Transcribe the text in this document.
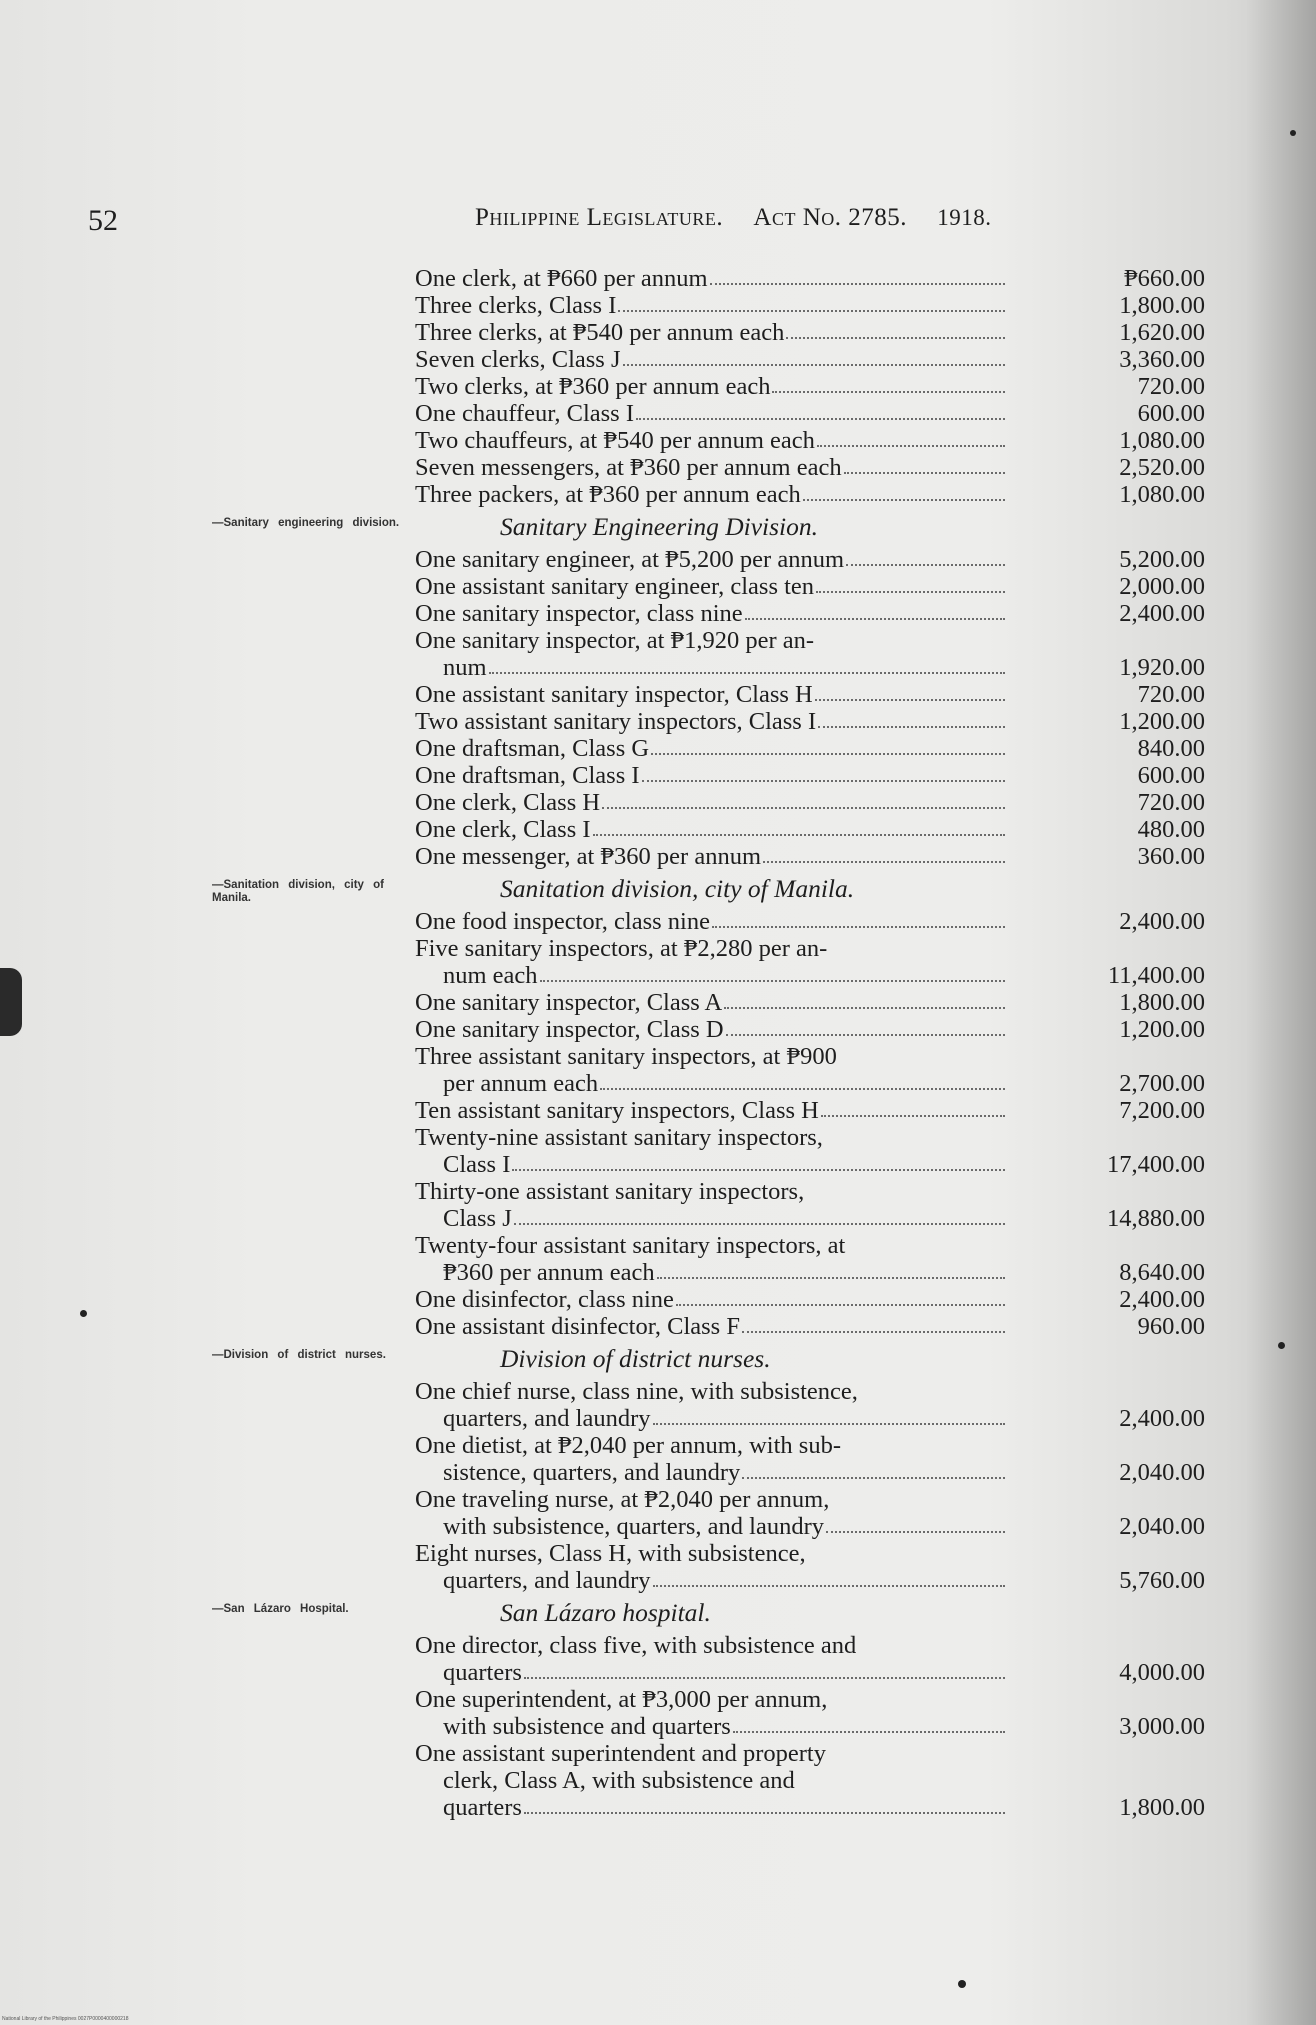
52	Philippine Legislature. Act No. 2785. 1918.
One clerk, at ₱660 per annum	₱660.00
Three clerks, Class I	1,800.00
Three clerks, at ₱540 per annum each	1,620.00
Seven clerks, Class J	3,360.00
Two clerks, at ₱360 per annum each	720.00
One chauffeur, Class I	600.00
Two chauffeurs, at ₱540 per annum each	1,080.00
Seven messengers, at ₱360 per annum each	2,520.00
Three packers, at ₱360 per annum each	1,080.00
—Sanitary engineering division.	Sanitary Engineering Division.
One sanitary engineer, at ₱5,200 per annum	5,200.00
One assistant sanitary engineer, class ten	2,000.00
One sanitary inspector, class nine	2,400.00
One sanitary inspector, at ₱1,920 per an-
num	1,920.00
One assistant sanitary inspector, Class H	720.00
Two assistant sanitary inspectors, Class I	1,200.00
One draftsman, Class G	840.00
One draftsman, Class I	600.00
One clerk, Class H	720.00
One clerk, Class I	480.00
One messenger, at ₱360 per annum	360.00
—Sanitation division, city of Manila.	Sanitation division, city of Manila.
One food inspector, class nine	2,400.00
Five sanitary inspectors, at ₱2,280 per an-
num each	11,400.00
One sanitary inspector, Class A	1,800.00
One sanitary inspector, Class D	1,200.00
Three assistant sanitary inspectors, at ₱900
per annum each	2,700.00
Ten assistant sanitary inspectors, Class H	7,200.00
Twenty-nine assistant sanitary inspectors,
Class I	17,400.00
Thirty-one assistant sanitary inspectors,
Class J	14,880.00
Twenty-four assistant sanitary inspectors, at
₱360 per annum each	8,640.00
One disinfector, class nine	2,400.00
One assistant disinfector, Class F	960.00
—Division of district nurses.	Division of district nurses.
One chief nurse, class nine, with subsistence,
quarters, and laundry	2,400.00
One dietist, at ₱2,040 per annum, with sub-
sistence, quarters, and laundry	2,040.00
One traveling nurse, at ₱2,040 per annum,
with subsistence, quarters, and laundry	2,040.00
Eight nurses, Class H, with subsistence,
quarters, and laundry	5,760.00
—San Lázaro Hospital.	San Lázaro hospital.
One director, class five, with subsistence and
quarters	4,000.00
One superintendent, at ₱3,000 per annum,
with subsistence and quarters	3,000.00
One assistant superintendent and property
clerk, Class A, with subsistence and
quarters	1,800.00
National Library of the Philippines 0027P0000400000218
